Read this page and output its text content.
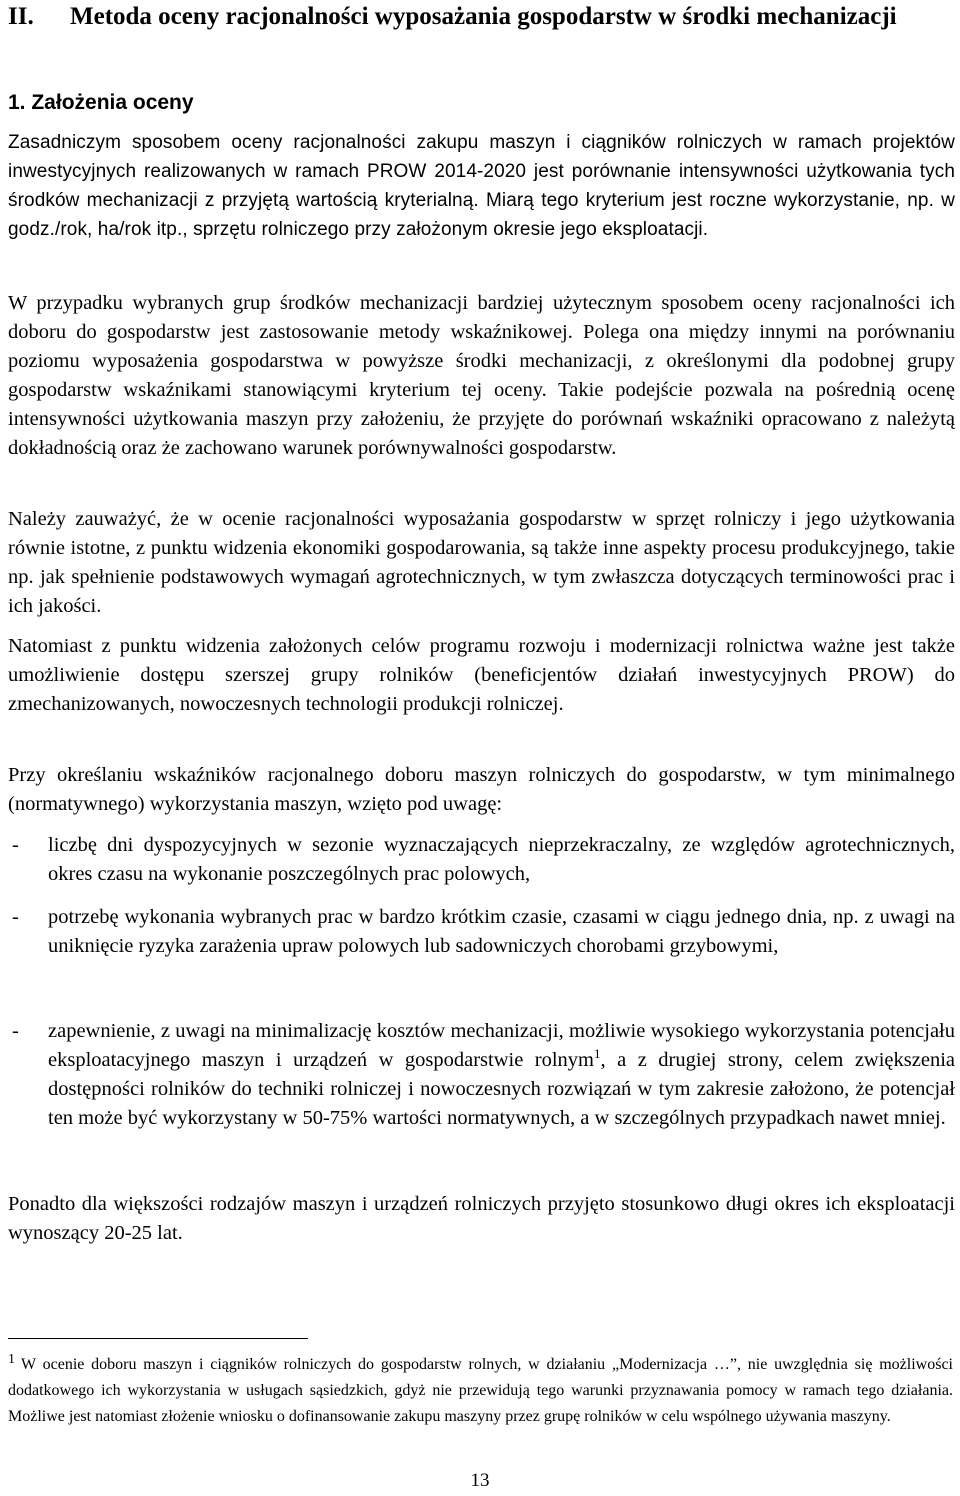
II. Metoda oceny racjonalności wyposażania gospodarstw w środki mechanizacji

1. Założenia oceny

Zasadniczym sposobem oceny racjonalności zakupu maszyn i ciągników rolniczych w ramach projektów inwestycyjnych realizowanych w ramach PROW 2014-2020 jest porównanie intensywności użytkowania tych środków mechanizacji z przyjętą wartością kryterialną. Miarą tego kryterium jest roczne wykorzystanie, np. w godz./rok, ha/rok itp., sprzętu rolniczego przy założonym okresie jego eksploatacji.

W przypadku wybranych grup środków mechanizacji bardziej użytecznym sposobem oceny racjonalności ich doboru do gospodarstw jest zastosowanie metody wskaźnikowej. Polega ona między innymi na porównaniu poziomu wyposażenia gospodarstwa w powyższe środki mechanizacji, z określonymi dla podobnej grupy gospodarstw wskaźnikami stanowiącymi kryterium tej oceny. Takie podejście pozwala na pośrednią ocenę intensywności użytkowania maszyn przy założeniu, że przyjęte do porównań wskaźniki opracowano z należytą dokładnością oraz że zachowano warunek porównywalności gospodarstw.

Należy zauważyć, że w ocenie racjonalności wyposażania gospodarstw w sprzęt rolniczy i jego użytkowania równie istotne, z punktu widzenia ekonomiki gospodarowania, są także inne aspekty procesu produkcyjnego, takie np. jak spełnienie podstawowych wymagań agrotechnicznych, w tym zwłaszcza dotyczących terminowości prac i ich jakości.

Natomiast z punktu widzenia założonych celów programu rozwoju i modernizacji rolnictwa ważne jest także umożliwienie dostępu szerszej grupy rolników (beneficjentów działań inwestycyjnych PROW) do zmechanizowanych, nowoczesnych technologii produkcji rolniczej.

Przy określaniu wskaźników racjonalnego doboru maszyn rolniczych do gospodarstw, w tym minimalnego (normatywnego) wykorzystania maszyn, wzięto pod uwagę:

- liczbę dni dyspozycyjnych w sezonie wyznaczających nieprzekraczalny, ze względów agrotechnicznych, okres czasu na wykonanie poszczególnych prac polowych,
- potrzebę wykonania wybranych prac w bardzo krótkim czasie, czasami w ciągu jednego dnia, np. z uwagi na uniknięcie ryzyka zarażenia upraw polowych lub sadowniczych chorobami grzybowymi,
- zapewnienie, z uwagi na minimalizację kosztów mechanizacji, możliwie wysokiego wykorzystania potencjału eksploatacyjnego maszyn i urządzeń w gospodarstwie rolnym$^1$, a z drugiej strony, celem zwiększenia dostępności rolników do techniki rolniczej i nowoczesnych rozwiązań w tym zakresie założono, że potencjał ten może być wykorzystany w 50-75% wartości normatywnych, a w szczególnych przypadkach nawet mniej.

Ponadto dla większości rodzajów maszyn i urządzeń rolniczych przyjęto stosunkowo długi okres ich eksploatacji wynoszący 20-25 lat.

1 W ocenie doboru maszyn i ciągników rolniczych do gospodarstw rolnych, w działaniu „Modernizacja …”, nie uwzględnia się możliwości dodatkowego ich wykorzystania w usługach sąsiedzkich, gdyż nie przewidują tego warunki przyznawania pomocy w ramach tego działania. Możliwe jest natomiast złożenie wniosku o dofinansowanie zakupu maszyny przez grupę rolników w celu wspólnego używania maszyny.

13
